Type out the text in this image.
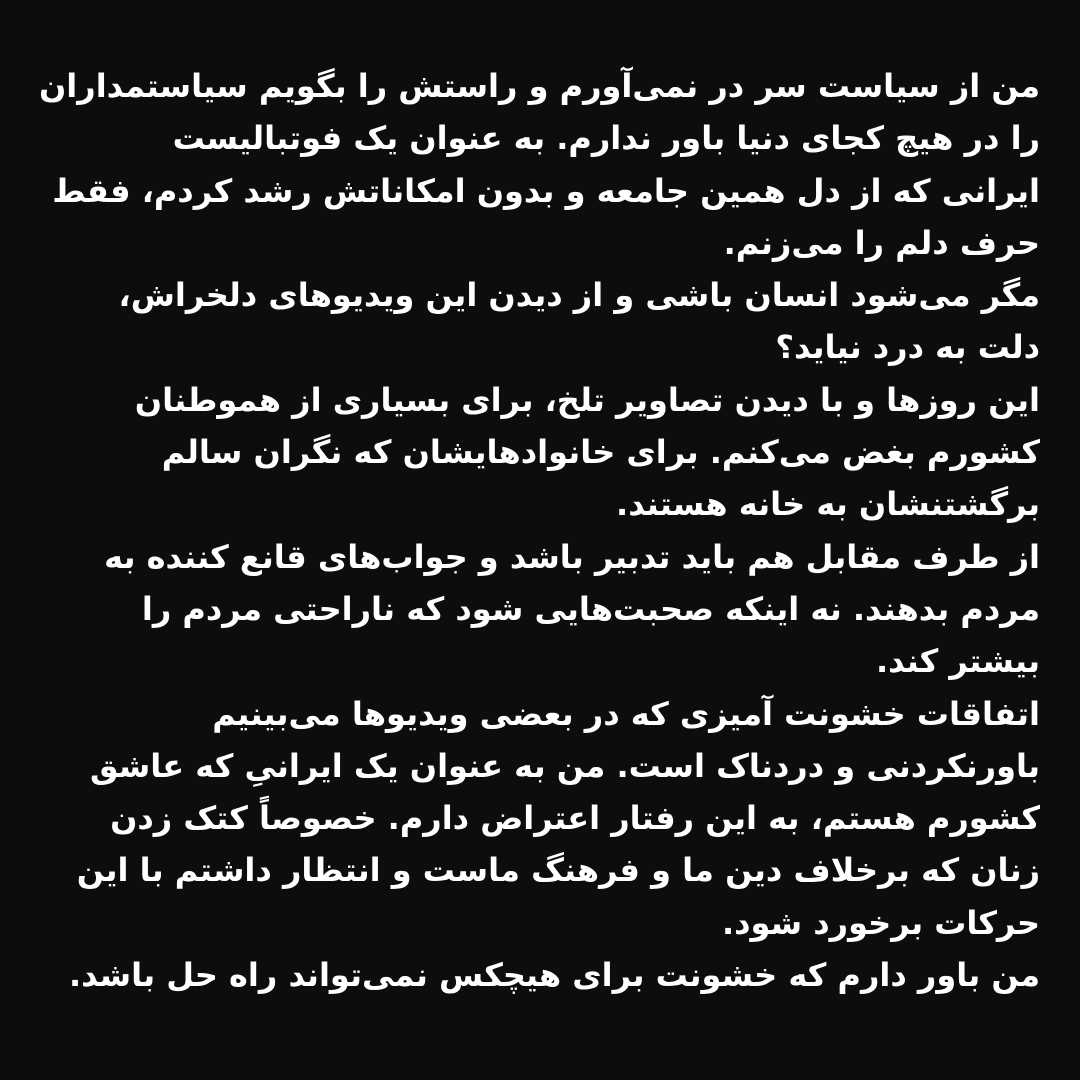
من از سیاست سر در نمی‌آورم و راستش را بگویم سیاستمداران
را در هیچ کجای دنیا باور ندارم. به عنوان یک فوتبالیست
ایرانی که از دل همین جامعه و بدون امکاناتش رشد کردم، فقط
حرف دلم را می‌زنم.
مگر می‌شود انسان باشی و از دیدن این ویدیوهای دلخراش،
دلت به درد نیاید؟
این روزها و با دیدن تصاویر تلخ، برای بسیاری از هموطنان
کشورم بغض می‌کنم. برای خانوادهایشان که نگران سالم
برگشتنشان به خانه هستند.
از طرف مقابل هم باید تدبیر باشد و جواب‌های قانع کننده به
مردم بدهند. نه اینکه صحبت‌هایی شود که ناراحتی مردم را
بیشتر کند.
اتفاقات خشونت آمیزی که در بعضی ویدیوها می‌بینیم
باورنکردنی و دردناک است. من به عنوان یک ایرانیِ که عاشق
کشورم هستم، به این رفتار اعتراض دارم. خصوصاً کتک زدن
زنان که برخلاف دین ما و فرهنگ ماست و انتظار داشتم با این
حرکات برخورد شود.
من باور دارم که خشونت برای هیچکس نمی‌تواند راه حل باشد.
